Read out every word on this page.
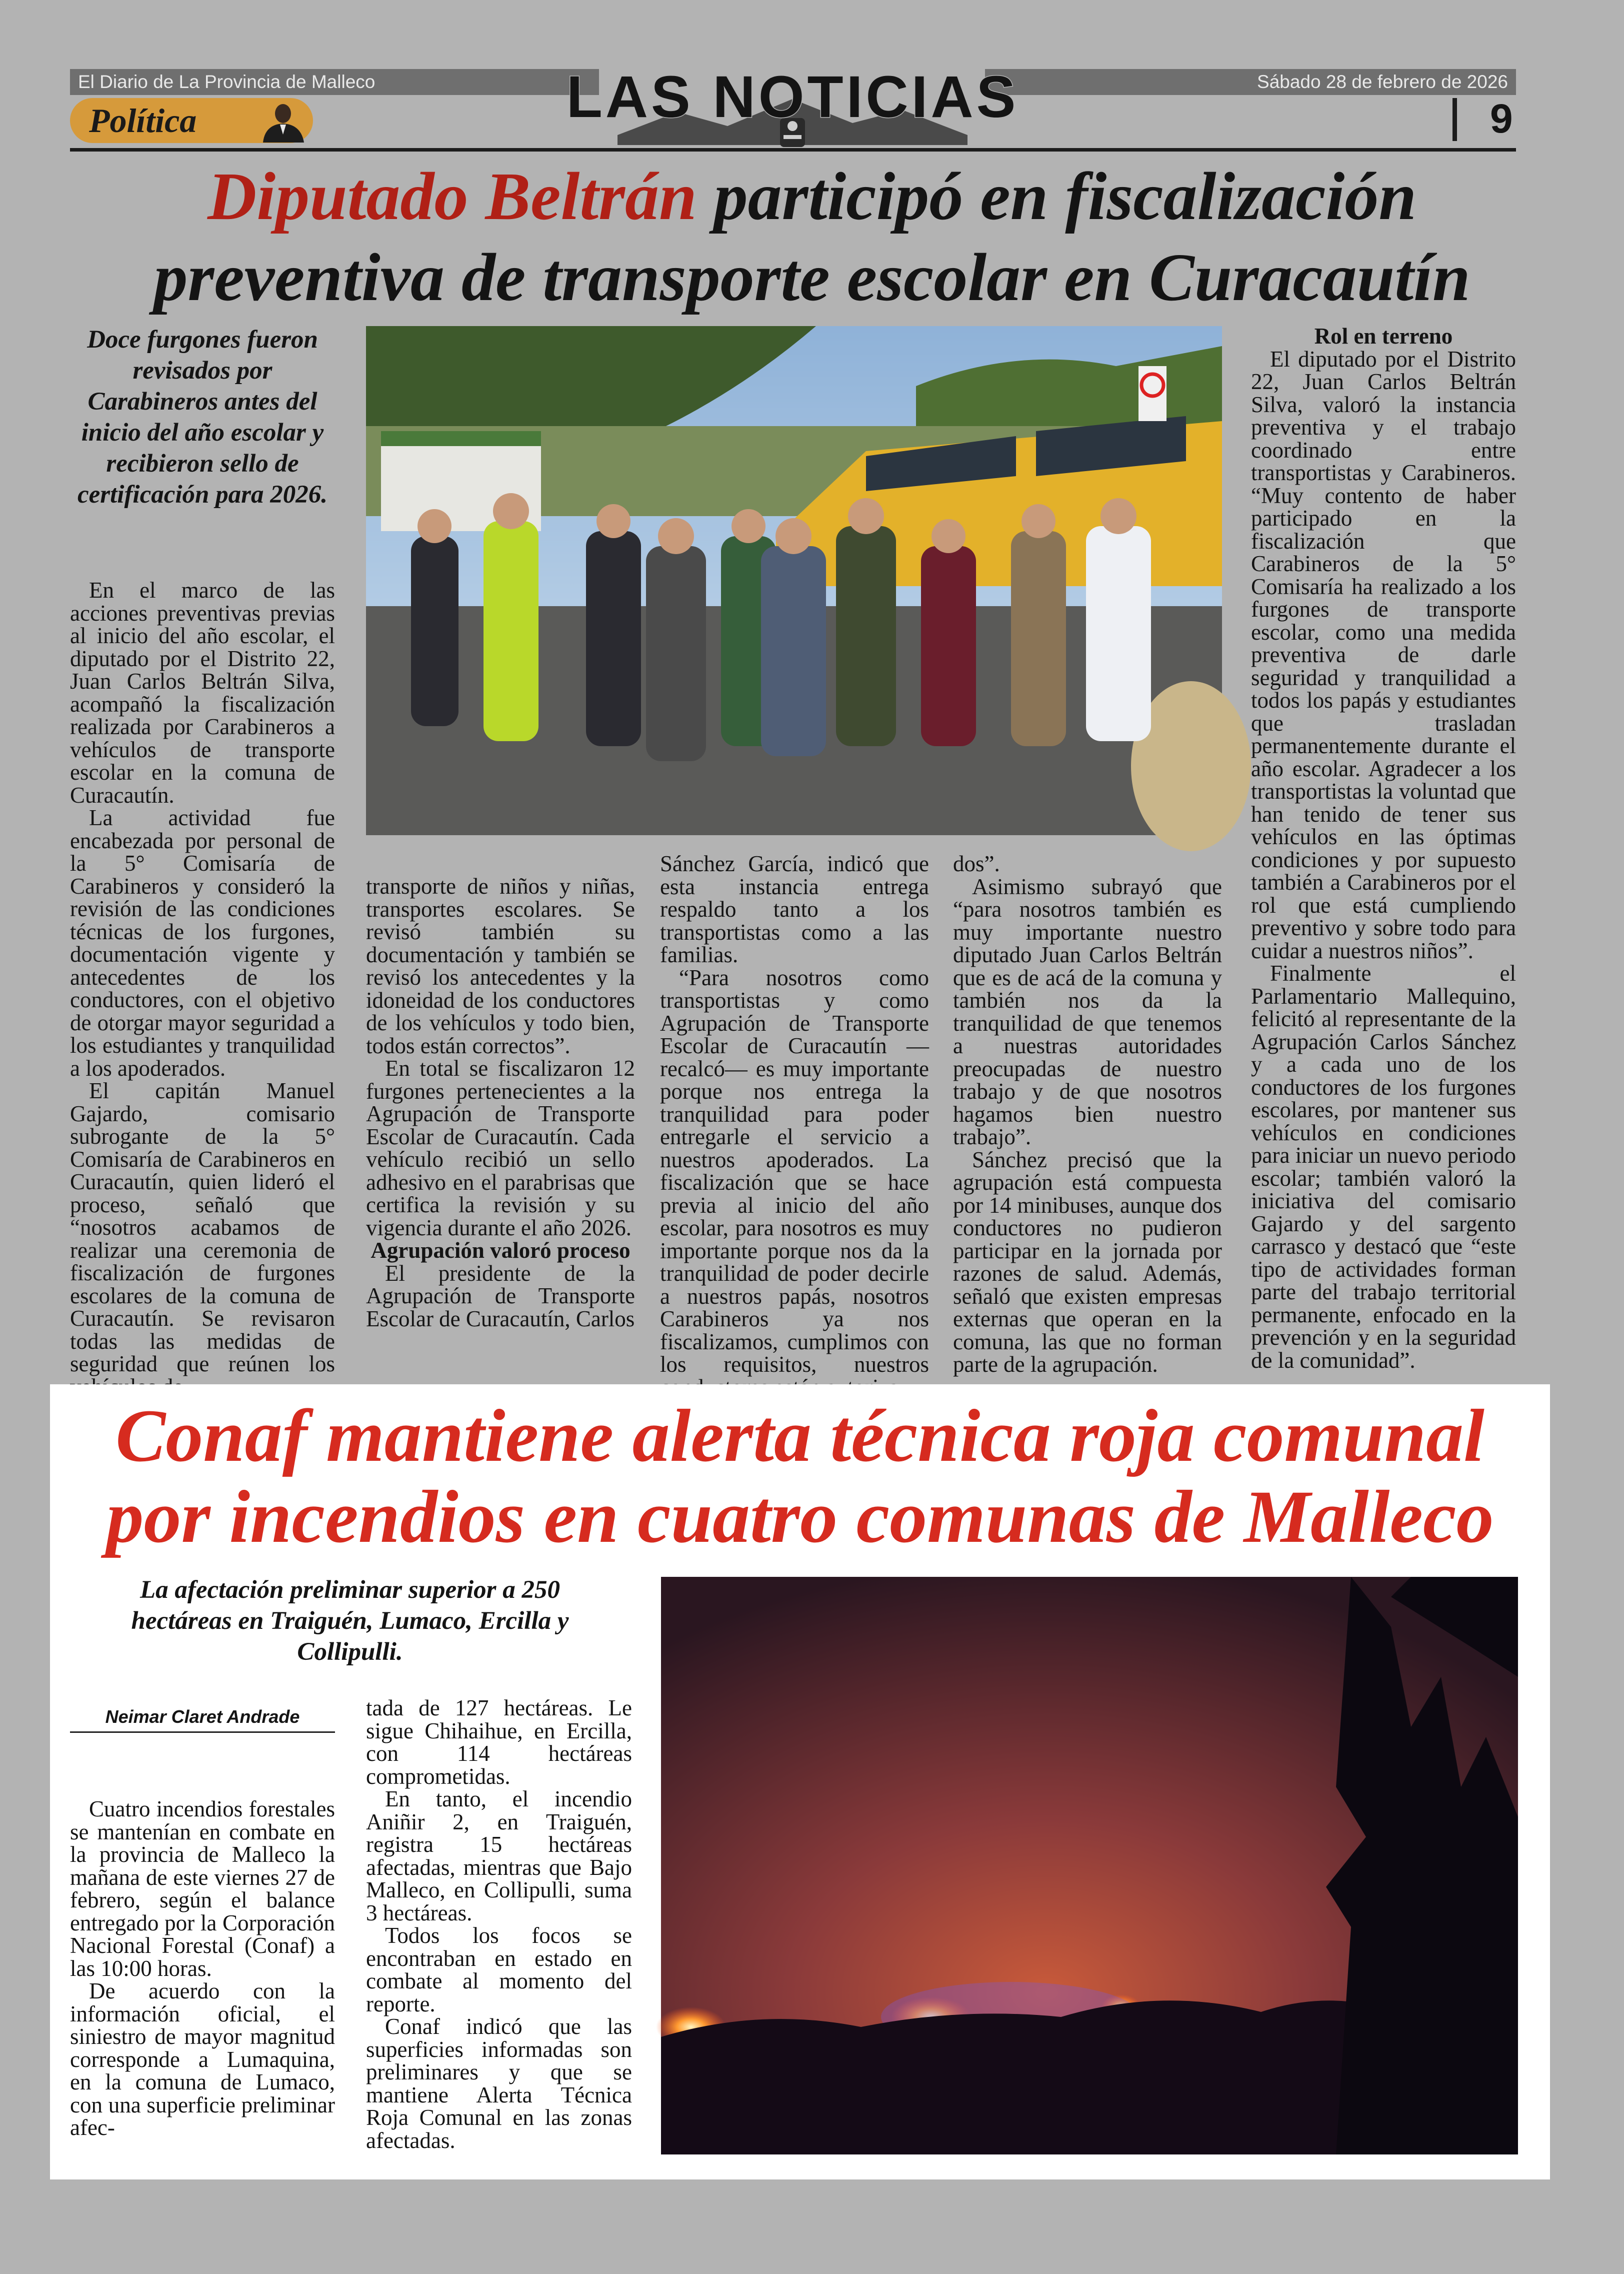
El Diario de La Provincia de Malleco	Sábado 28 de febrero de 2026
Política	LAS NOTICIAS	9
Diputado Beltrán participó en fiscalización
preventiva de transporte escolar en Curacautín
Doce furgones fueron revisados por Carabineros antes del inicio del año escolar y recibieron sello de certificación para 2026.

En el marco de las acciones preventivas previas al inicio del año escolar, el diputado por el Distrito 22, Juan Carlos Beltrán Silva, acompañó la fiscalización realizada por Carabineros a vehículos de transporte escolar en la comuna de Curacautín.

La actividad fue encabezada por personal de la 5° Comisaría de Carabineros y consideró la revisión de las condiciones técnicas de los furgones, documentación vigente y antecedentes de los conductores, con el objetivo de otorgar mayor seguridad a los estudiantes y tranquilidad a los apoderados.

El capitán Manuel Gajardo, comisario subrogante de la 5° Comisaría de Carabineros en Curacautín, quien lideró el proceso, señaló que “nosotros acabamos de realizar una ceremonia de fiscalización de furgones escolares de la comuna de Curacautín. Se revisaron todas las medidas de seguridad que reúnen los

transporte de niños y niñas, transportes escolares. Se revisó también su documentación y también se revisó los antecedentes y la idoneidad de los conductores de los vehículos y todo bien, todos están correctos”.

En total se fiscalizaron 12 furgones pertenecientes a la Agrupación de Transporte Escolar de Curacautín. Cada vehículo recibió un sello adhesivo en el parabrisas que certifica la revisión y su vigencia durante el año 2026.

Agrupación valoró proceso

El presidente de la Agrupación de Transporte Escolar de Curacautín, Carlos

Sánchez García, indicó que esta instancia entrega respaldo tanto a los transportistas como a las familias.

“Para nosotros como transportistas y como Agrupación de Transporte Escolar de Curacautín —recalcó— es muy importante porque nos entrega la tranquilidad para poder entregarle el servicio a nuestros apoderados. La fiscalización que se hace previa al inicio del año escolar, para nosotros es muy importante porque nos da la tranquilidad de poder decirle a nuestros papás, nosotros Carabineros ya nos fiscalizamos, cumplimos con los requisitos, nuestros

dos”.

Asimismo subrayó que “para nosotros también es muy importante nuestro diputado Juan Carlos Beltrán que es de acá de la comuna y también nos da la tranquilidad de que tenemos a nuestras autoridades preocupadas de nuestro trabajo y de que nosotros hagamos bien nuestro trabajo”.

Sánchez precisó que la agrupación está compuesta por 14 minibuses, aunque dos conductores no pudieron participar en la jornada por razones de salud. Además, señaló que existen empresas externas que operan en la comuna, las que no forman parte de la agrupación.

Rol en terreno

El diputado por el Distrito 22, Juan Carlos Beltrán Silva, valoró la instancia preventiva y el trabajo coordinado entre transportistas y Carabineros. “Muy contento de haber participado en la fiscalización que Carabineros de la 5° Comisaría ha realizado a los furgones de transporte escolar, como una medida preventiva de darle seguridad y tranquilidad a todos los papás y estudiantes que trasladan permanentemente durante el año escolar. Agradecer a los transportistas la voluntad que han tenido de tener sus vehículos en las óptimas condiciones y por supuesto también a Carabineros por el rol que está cumpliendo preventivo y sobre todo para cuidar a nuestros niños”.

Finalmente el Parlamentario Mallequino, felicitó al representante de la Agrupación Carlos Sánchez y a cada uno de los conductores de los furgones escolares, por mantener sus vehículos en condiciones para iniciar un nuevo periodo escolar; también valoró la iniciativa del comisario Gajardo y del sargento carrasco y destacó que “este tipo de actividades forman parte del trabajo territorial permanente, enfocado en la prevención y en la seguridad de la comunidad”.

Conaf mantiene alerta técnica roja comunal
por incendios en cuatro comunas de Malleco
La afectación preliminar superior a 250 hectáreas en Traiguén, Lumaco, Ercilla y Collipulli.
Neimar Claret Andrade

Cuatro incendios forestales se mantenían en combate en la provincia de Malleco la mañana de este viernes 27 de febrero, según el balance entregado por la Corporación Nacional Forestal (Conaf) a las 10:00 horas.

De acuerdo con la información oficial, el siniestro de mayor magnitud corresponde a Lumaquina, en la comuna de Lumaco, con una superficie preliminar afec-

tada de 127 hectáreas. Le sigue Chihaihue, en Ercilla, con 114 hectáreas comprometidas.

En tanto, el incendio Aniñir 2, en Traiguén, registra 15 hectáreas afectadas, mientras que Bajo Malleco, en Collipulli, suma 3 hectáreas.

Todos los focos se encontraban en estado en combate al momento del reporte.

Conaf indicó que las superficies informadas son preliminares y que se mantiene Alerta Técnica Roja Comunal en las zonas afectadas.
